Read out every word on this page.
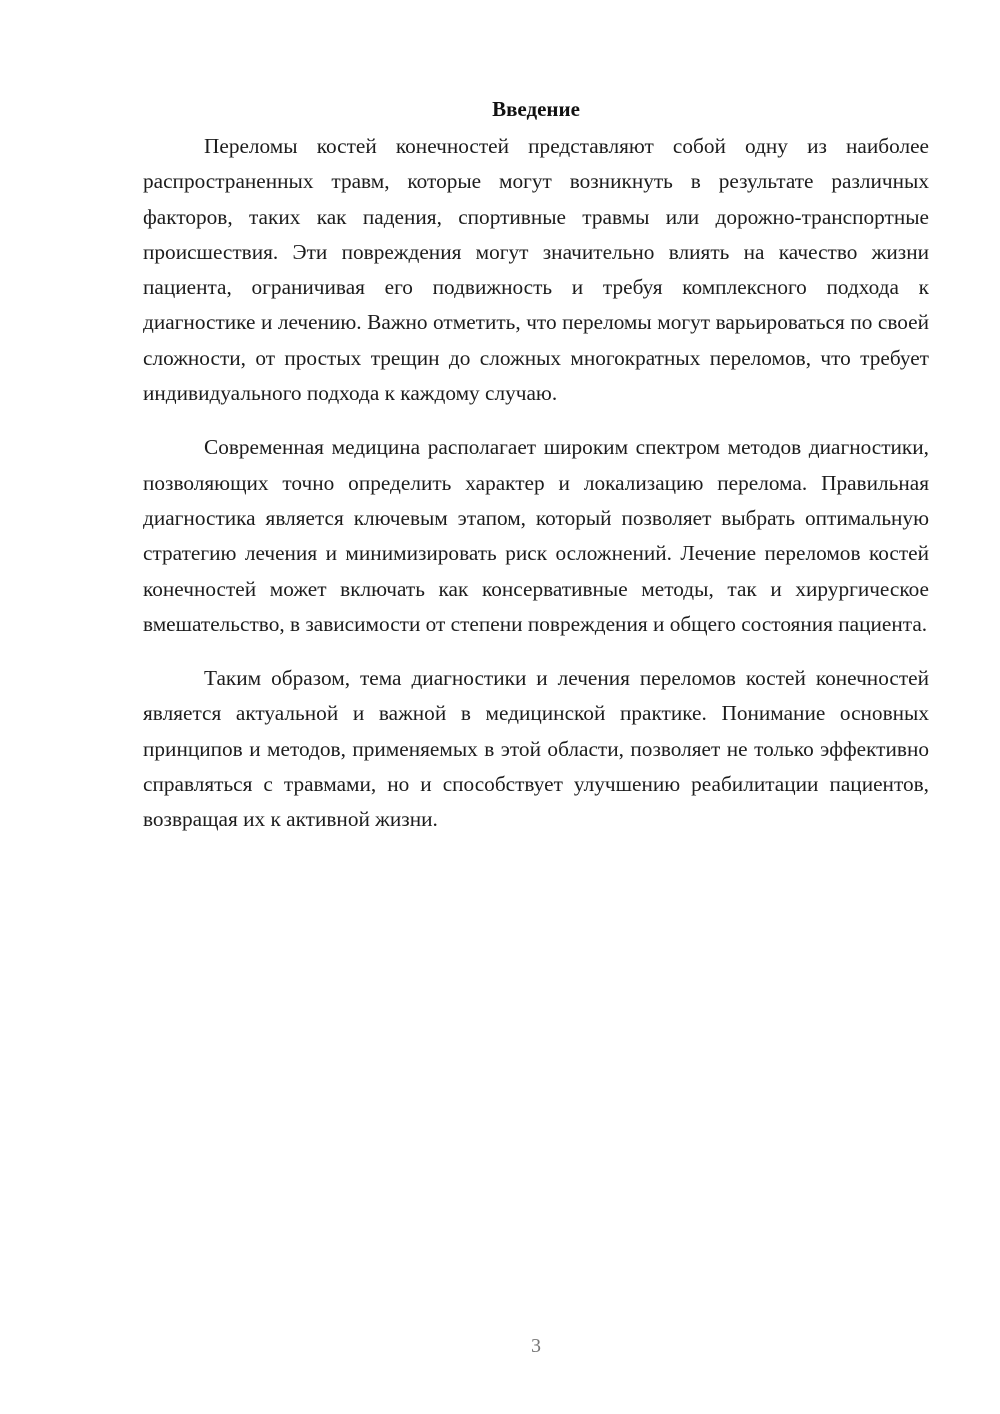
Введение

Переломы костей конечностей представляют собой одну из наиболее распространенных травм, которые могут возникнуть в результате различных факторов, таких как падения, спортивные травмы или дорожно-транспортные происшествия. Эти повреждения могут значительно влиять на качество жизни пациента, ограничивая его подвижность и требуя комплексного подхода к диагностике и лечению. Важно отметить, что переломы могут варьироваться по своей сложности, от простых трещин до сложных многократных переломов, что требует индивидуального подхода к каждому случаю.

Современная медицина располагает широким спектром методов диагностики, позволяющих точно определить характер и локализацию перелома. Правильная диагностика является ключевым этапом, который позволяет выбрать оптимальную стратегию лечения и минимизировать риск осложнений. Лечение переломов костей конечностей может включать как консервативные методы, так и хирургическое вмешательство, в зависимости от степени повреждения и общего состояния пациента.

Таким образом, тема диагностики и лечения переломов костей конечностей является актуальной и важной в медицинской практике. Понимание основных принципов и методов, применяемых в этой области, позволяет не только эффективно справляться с травмами, но и способствует улучшению реабилитации пациентов, возвращая их к активной жизни.

3
